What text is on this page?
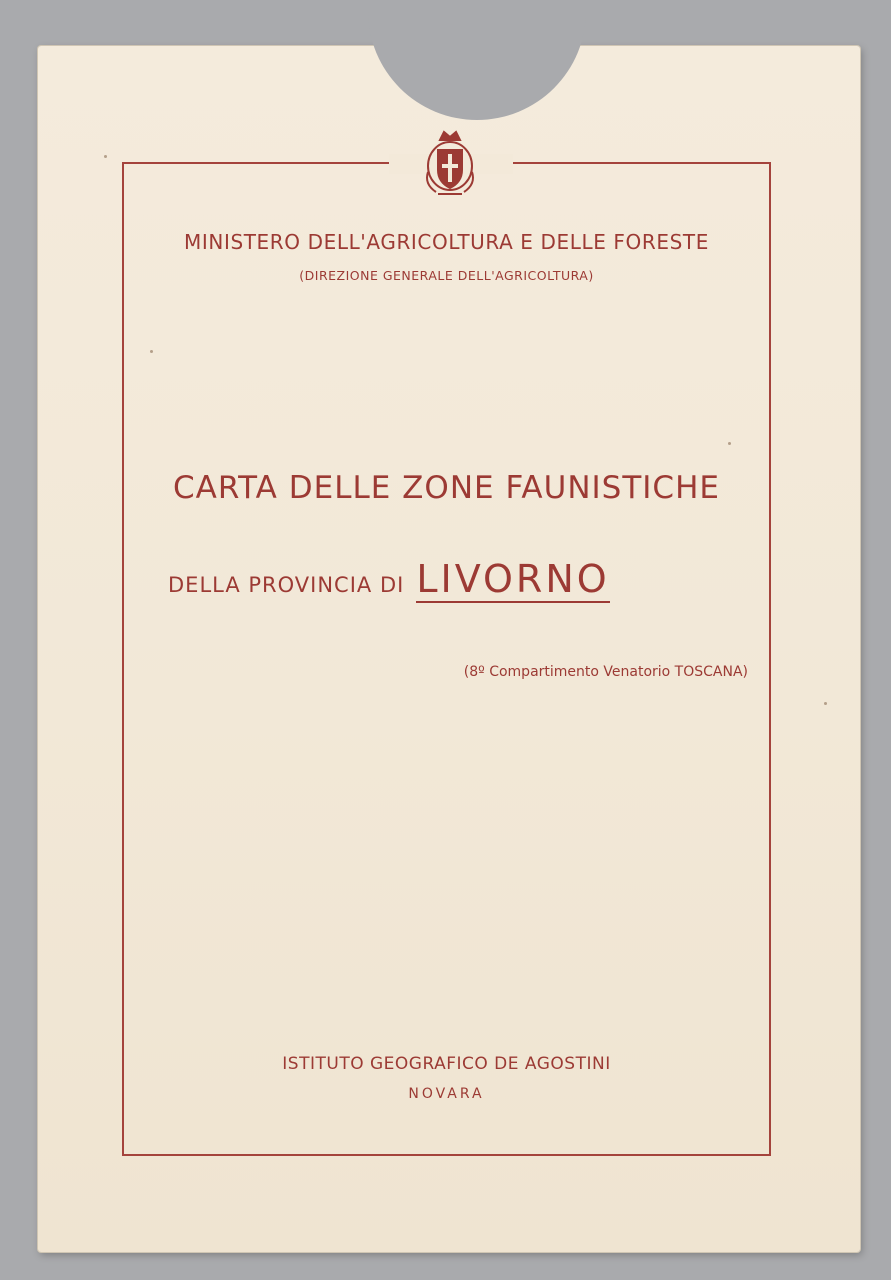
MINISTERO DELL'AGRICOLTURA E DELLE FORESTE
(DIREZIONE GENERALE DELL'AGRICOLTURA)
CARTA DELLE ZONE FAUNISTICHE
DELLA PROVINCIA DI LIVORNO
(8º Compartimento Venatorio TOSCANA)
ISTITUTO GEOGRAFICO DE AGOSTINI
NOVARA
